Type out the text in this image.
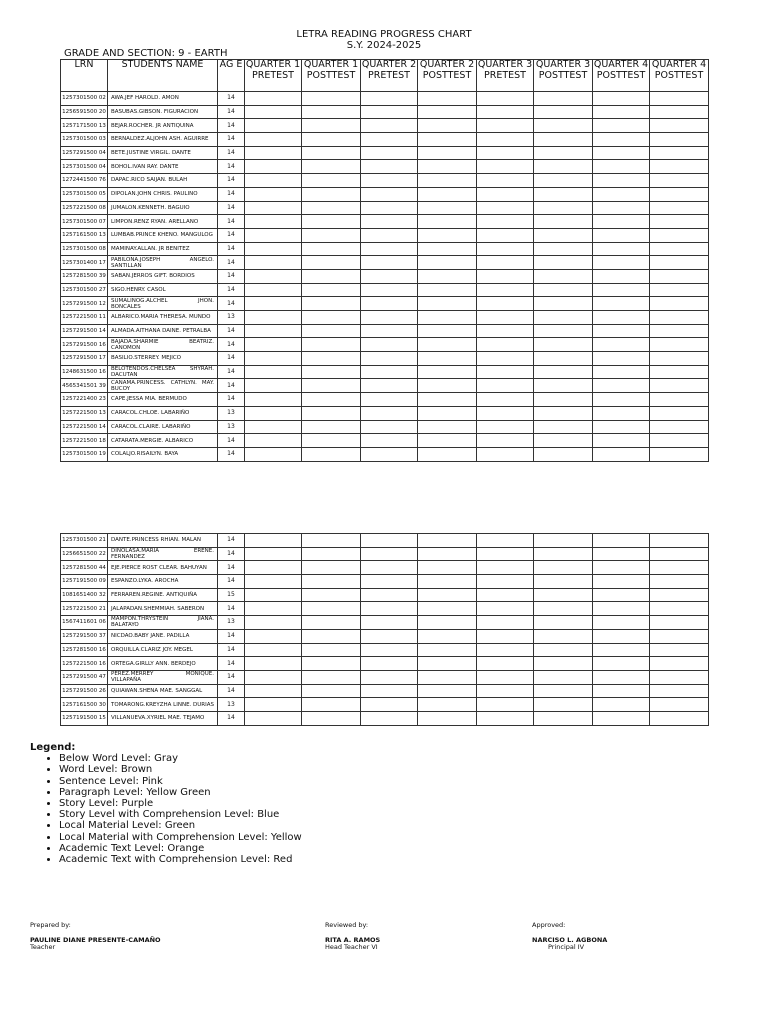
LETRA READING PROGRESS CHART
S.Y. 2024-2025
GRADE AND SECTION: 9 - EARTH
LRN	STUDENTS NAME	AG E	QUARTER 1 PRETEST	QUARTER 1 POSTTEST	QUARTER 2 PRETEST	QUARTER 2 POSTTEST	QUARTER 3 PRETEST	QUARTER 3 POSTTEST	QUARTER 4 POSTTEST	QUARTER 4 POSTTEST
1257301500 02	AWA.JEF HAROLD. AMON	14								
1256591500 20	BASUBAS.GIBSON. FIGURACION	14								
1257171500 13	BEJAR.ROCHER. JR ANTIQUINA	14								
1257301500 03	BERNALDEZ.ALJOHN ASH. AGUIRRE	14								
1257291500 04	BETE.JUSTINE VIRGIL. DANTE	14								
1257301500 04	BOHOL.IVAN RAY. DANTE	14								
1272441500 76	DAPAC.RICO SAIJAN. BULAH	14								
1257301500 05	DIPOLAN.JOHN CHRIS. PAULINO	14								
1257221500 08	JUMALON.KENNETH. BAGUIO	14								
1257301500 07	LIMPON.RENZ RYAN. ARELLANO	14								
1257161500 13	LUMBAB.PRINCE KHENO. MANGULOG	14								
1257301500 08	MAMINAY.ALLAN. JR BENITEZ	14								
1257301400 17	PABILONA.JOSEPH ANGELO. SANTILLAN	14								
1257281500 39	SABAN.JERROS GIFT. BORDIOS	14								
1257301500 27	SIGO.HENRY. CASOL	14								
1257291500 12	SUMALINOG.ALCHEL JHON. BONCALES	14								
1257221500 11	ALBARICO.MARIA THERESA. MUNDO	13								
1257291500 14	ALMADA.AITHANA DAINE. PETRALBA	14								
1257291500 16	BAJADA.SHARMIE BEATRIZ. CANOMON	14								
1257291500 17	BASILIO.STERREY. MEJICO	14								
1248631500 16	BELOTENDOS.CHELSEA SHYRAH. DACUTAN	14								
4565341501 39	CANAMA.PRINCESS. CATHLYN. MAY. BUCOY	14								
1257221400 23	CAPE.JESSA MIA. BERMUDO	14								
1257221500 13	CARACOL.CHLOE. LABARIÑO	13								
1257221500 14	CARACOL.CLAIRE. LABARIÑO	13								
1257221500 18	CATARATA.MERGIE. ALBARICO	14								
1257301500 19	COLALJO.RISAILYN. BAYA	14								
1257301500 21	DANTE.PRINCESS RHIAN. MALAN	14								
1256651500 22	DINOLASA.MARIA ERENE. FERNANDEZ	14								
1257281500 44	EJE.PIERCE ROST CLEAR. BAHUYAN	14								
1257191500 09	ESPANZO.LYKA. AROCHA	14								
1081651400 32	FERRAREN.REGINE. ANTIQUIÑA	15								
1257221500 21	JALAPADAN.SHEMMIAH. SABERON	14								
1567411601 06	MAMPON.THRYSTEIN JIANA. BALATAYO	13								
1257291500 37	NICDAO.BABY JANE. PADILLA	14								
1257281500 16	ORQUILLA.CLARIZ JOY. MEGEL	14								
1257221500 16	ORTEGA.GIRLLY ANN. BERDEJO	14								
1257291500 47	PEREZ.MERREY MONIQUE. VILLAPAÑA	14								
1257291500 26	QUIAWAN.SHENA MAE. SANGGAL	14								
1257161500 30	TOMARONG.KREYZHA LINNE. DURIAS	13								
1257191500 15	VILLANUEVA.XYRIEL MAE. TEJAMO	14								
Legend:
• Below Word Level: Gray
• Word Level: Brown
• Sentence Level: Pink
• Paragraph Level: Yellow Green
• Story Level: Purple
• Story Level with Comprehension Level: Blue
• Local Material Level: Green
• Local Material with Comprehension Level: Yellow
• Academic Text Level: Orange
• Academic Text with Comprehension Level: Red
Prepared by:
PAULINE DIANE PRESENTE-CAMAÑO
Teacher
Reviewed by:
RITA A. RAMOS
Head Teacher VI
Approved:
NARCISO L. AGBONA
Principal IV
